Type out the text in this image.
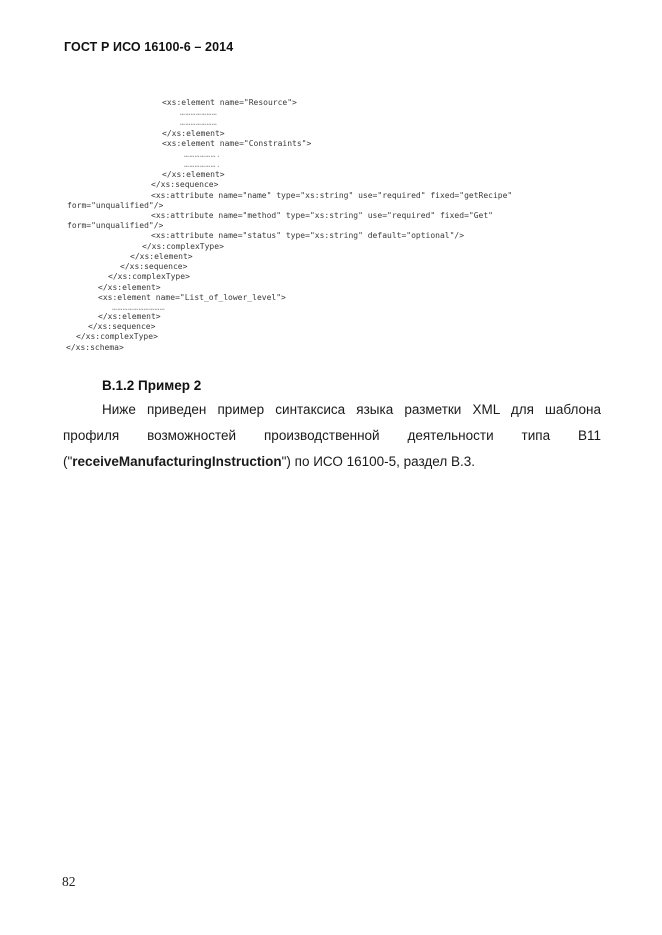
ГОСТ Р ИСО 16100-6 – 2014
<xs:element name="Resource">
…………………
…………………
</xs:element>
<xs:element name="Constraints">
……………….
……………….
</xs:element>
</xs:sequence>
<xs:attribute name="name" type="xs:string" use="required" fixed="getRecipe"
form="unqualified"/>
<xs:attribute name="method" type="xs:string" use="required" fixed="Get"
form="unqualified"/>
<xs:attribute name="status" type="xs:string" default="optional"/>
</xs:complexType>
</xs:element>
</xs:sequence>
</xs:complexType>
</xs:element>
<xs:element name="List_of_lower_level">
…………………………
</xs:element>
</xs:sequence>
</xs:complexType>
</xs:schema>
В.1.2 Пример 2
Ниже приведен пример синтаксиса языка разметки XML для шаблона
профиля возможностей производственной деятельности типа В11
("receiveManufacturingInstruction") по ИСО 16100-5, раздел В.3.
82
